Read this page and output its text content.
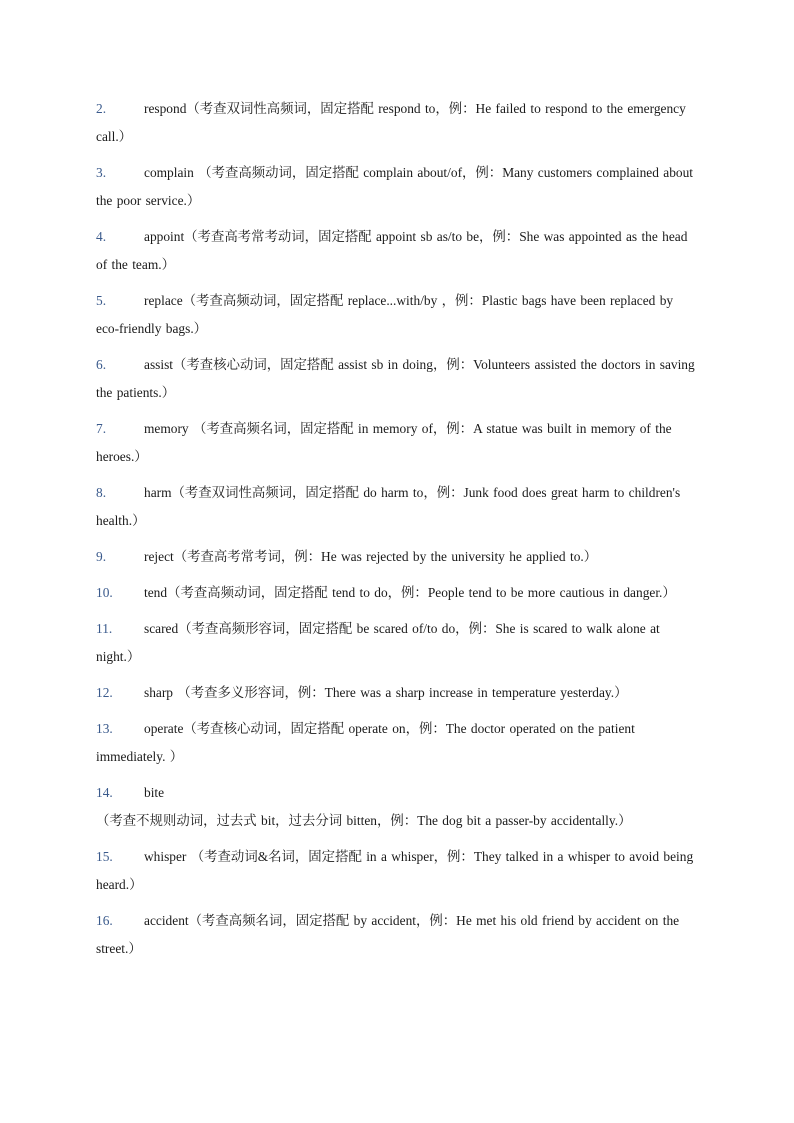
2.	respond（考查双词性高频词，固定搭配 respond to，例：He failed to respond to the emergency call.）
3.	complain （考查高频动词，固定搭配 complain about/of，例：Many customers complained about the poor service.）
4.	appoint（考查高考常考动词，固定搭配 appoint sb as/to be，例：She was appointed as the head of the team.）
5.	replace（考查高频动词，固定搭配 replace...with/by ，例：Plastic bags have been replaced by eco-friendly bags.）
6.	assist（考查核心动词，固定搭配 assist sb in doing，例：Volunteers assisted the doctors in saving the patients.）
7.	memory （考查高频名词，固定搭配 in memory of，例：A statue was built in memory of the heroes.）
8.	harm（考查双词性高频词，固定搭配 do harm to，例：Junk food does great harm to children's health.）
9.	reject（考查高考常考词，例：He was rejected by the university he applied to.）
10. tend（考查高频动词，固定搭配 tend to do，例：People tend to be more cautious in danger.）
11. scared（考查高频形容词，固定搭配 be scared of/to do，例：She is scared to walk alone at night.）
12. sharp （考查多义形容词，例：There was a sharp increase in temperature yesterday.）
13. operate（考查核心动词，固定搭配 operate on，例：The doctor operated on the patient immediately. ）
14. bite（考查不规则动词，过去式 bit，过去分词 bitten，例：The dog bit a passer-by accidentally.）
15. whisper （考查动词&名词，固定搭配 in a whisper，例：They talked in a whisper to avoid being heard.）
16. accident（考查高频名词，固定搭配 by accident，例：He met his old friend by accident on the street.）
